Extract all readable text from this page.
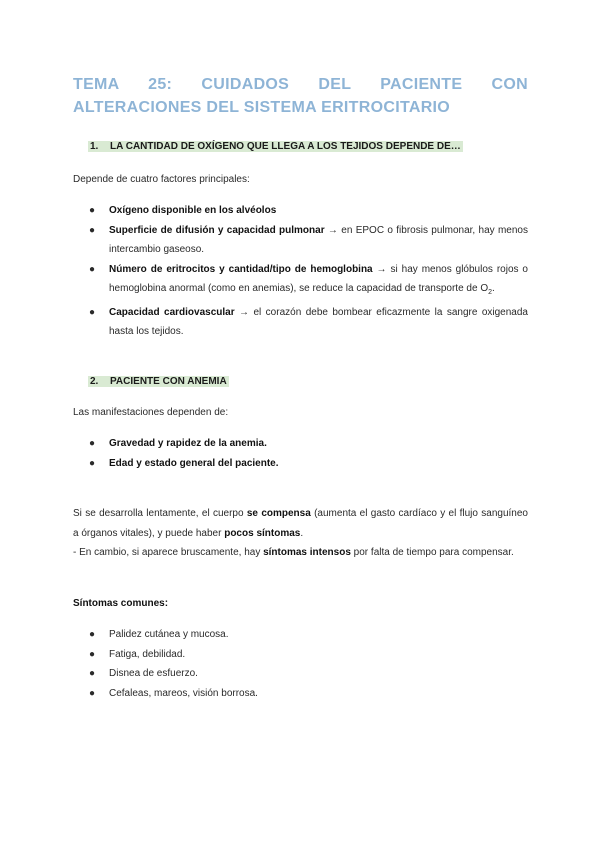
TEMA 25: CUIDADOS DEL PACIENTE CON ALTERACIONES DEL SISTEMA ERITROCITARIO
1. LA CANTIDAD DE OXÍGENO QUE LLEGA A LOS TEJIDOS DEPENDE DE…

Depende de cuatro factores principales:

● Oxígeno disponible en los alvéolos
● Superficie de difusión y capacidad pulmonar → en EPOC o fibrosis pulmonar, hay menos intercambio gaseoso.
● Número de eritrocitos y cantidad/tipo de hemoglobina → si hay menos glóbulos rojos o hemoglobina anormal (como en anemias), se reduce la capacidad de transporte de $O_2$.
● Capacidad cardiovascular → el corazón debe bombear eficazmente la sangre oxigenada hasta los tejidos.
2. PACIENTE CON ANEMIA

Las manifestaciones dependen de:

● Gravedad y rapidez de la anemia.
● Edad y estado general del paciente.

Si se desarrolla lentamente, el cuerpo se compensa (aumenta el gasto cardíaco y el flujo sanguíneo a órganos vitales), y puede haber pocos síntomas.

- En cambio, si aparece bruscamente, hay síntomas intensos por falta de tiempo para compensar.

Síntomas comunes:

● Palidez cutánea y mucosa.
● Fatiga, debilidad.
● Disnea de esfuerzo.
● Cefaleas, mareos, visión borrosa.
